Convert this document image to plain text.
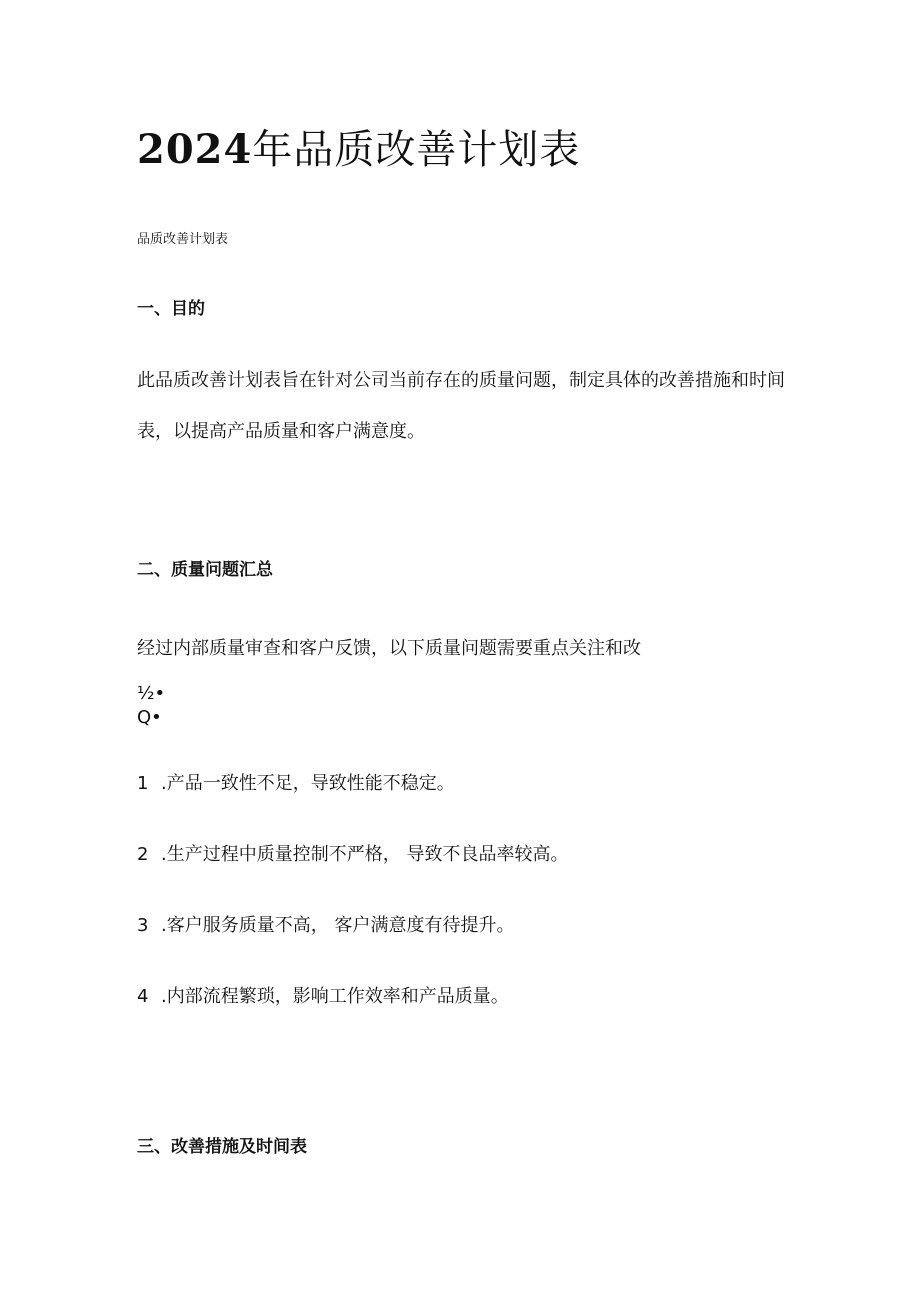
2024年品质改善计划表
品质改善计划表
一、目的
此品质改善计划表旨在针对公司当前存在的质量问题，制定具体的改善措施和时间表，以提高产品质量和客户满意度。
二、质量问题汇总
经过内部质量审查和客户反馈，以下质量问题需要重点关注和改
½•
Q•
1 .产品一致性不足，导致性能不稳定。
2 .生产过程中质量控制不严格， 导致不良品率较高。
3 .客户服务质量不高， 客户满意度有待提升。
4 .内部流程繁琐，影响工作效率和产品质量。
三、改善措施及时间表
